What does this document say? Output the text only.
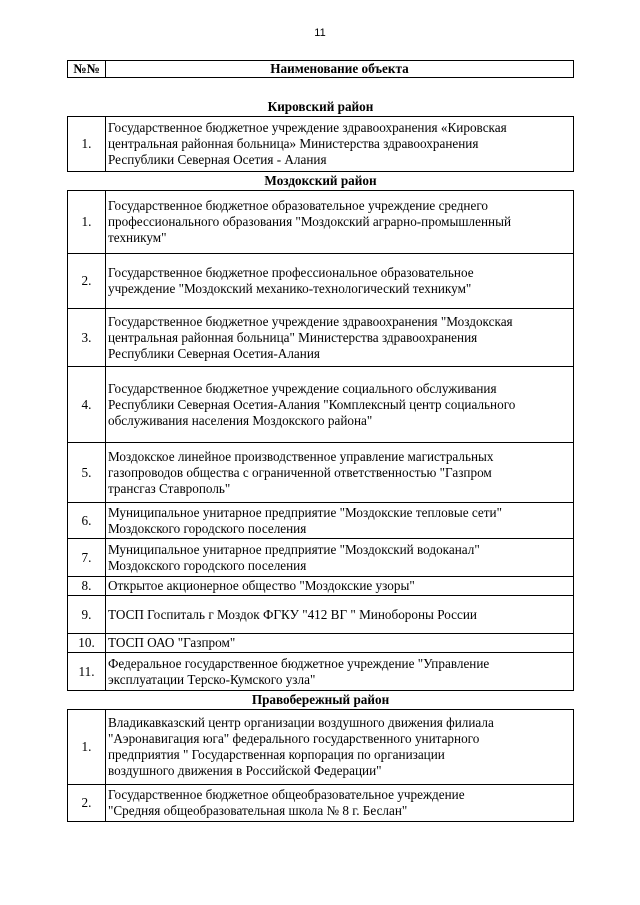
11
№№	Наименование объекта
Кировский район	
1.	Государственное бюджетное учреждение здравоохранения «Кировская
центральная районная больница» Министерства здравоохранения
Республики Северная Осетия - Алания
Моздокский район	
1.	Государственное бюджетное образовательное учреждение среднего
профессионального образования "Моздокский аграрно-промышленный
техникум"
2.	Государственное бюджетное профессиональное образовательное
учреждение "Моздокский механико-технологический техникум"
3.	Государственное бюджетное учреждение здравоохранения "Моздокская
центральная районная больница" Министерства здравоохранения
Республики Северная Осетия-Алания
4.	Государственное бюджетное учреждение социального обслуживания
Республики Северная Осетия-Алания "Комплексный центр социального
обслуживания населения Моздокского района"
5.	Моздокское линейное производственное управление магистральных
газопроводов общества с ограниченной ответственностью "Газпром
трансгаз Ставрополь"
6.	Муниципальное унитарное предприятие "Моздокские тепловые сети"
Моздокского городского поселения
7.	Муниципальное унитарное предприятие "Моздокский водоканал"
Моздокского городского поселения
8.	Открытое акционерное общество "Моздокские узоры"
9.	ТОСП Госпиталь г Моздок ФГКУ "412 ВГ " Минобороны России
10.	ТОСП ОАО "Газпром"
11.	Федеральное государственное бюджетное учреждение "Управление
эксплуатации Терско-Кумского узла"
Правобережный район	
1.	Владикавказский центр организации воздушного движения филиала
"Аэронавигация юга" федерального государственного унитарного
предприятия " Государственная корпорация по организации
воздушного движения в Российской Федерации"
2.	Государственное бюджетное общеобразовательное учреждение
"Средняя общеобразовательная школа № 8 г. Беслан"
